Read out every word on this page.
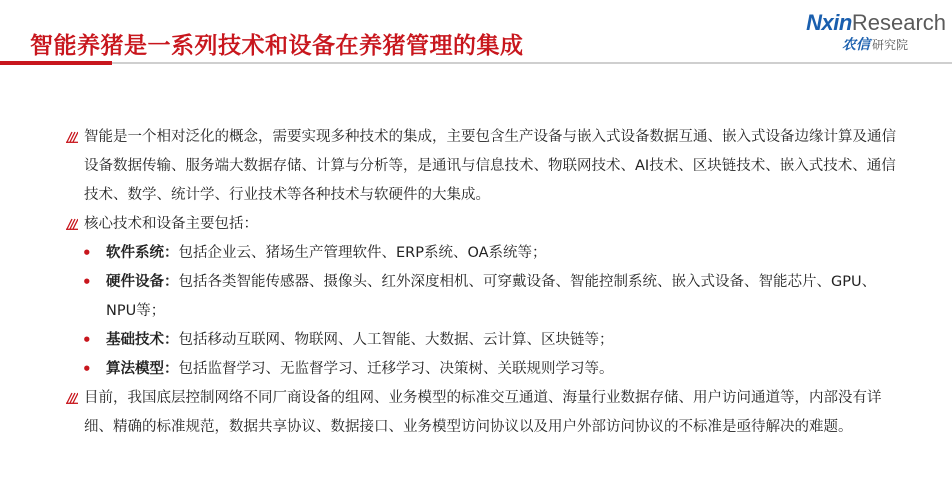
智能养猪是一系列技术和设备在养猪管理的集成
NxinResearch
农信 研究院

智能是一个相对泛化的概念，需要实现多种技术的集成，主要包含生产设备与嵌入式设备数据互通、嵌入式设备边缘计算及通信设备数据传输、服务端大数据存储、计算与分析等，是通讯与信息技术、物联网技术、AI技术、区块链技术、嵌入式技术、通信技术、数学、统计学、行业技术等各种技术与软硬件的大集成。

核心技术和设备主要包括：

• 软件系统：包括企业云、猪场生产管理软件、ERP系统、OA系统等；
• 硬件设备：包括各类智能传感器、摄像头、红外深度相机、可穿戴设备、智能控制系统、嵌入式设备、智能芯片、GPU、NPU等；
• 基础技术：包括移动互联网、物联网、人工智能、大数据、云计算、区块链等；
• 算法模型：包括监督学习、无监督学习、迁移学习、决策树、关联规则学习等。

目前，我国底层控制网络不同厂商设备的组网、业务模型的标准交互通道、海量行业数据存储、用户访问通道等，内部没有详细、精确的标准规范，数据共享协议、数据接口、业务模型访问协议以及用户外部访问协议的不标准是亟待解决的难题。
